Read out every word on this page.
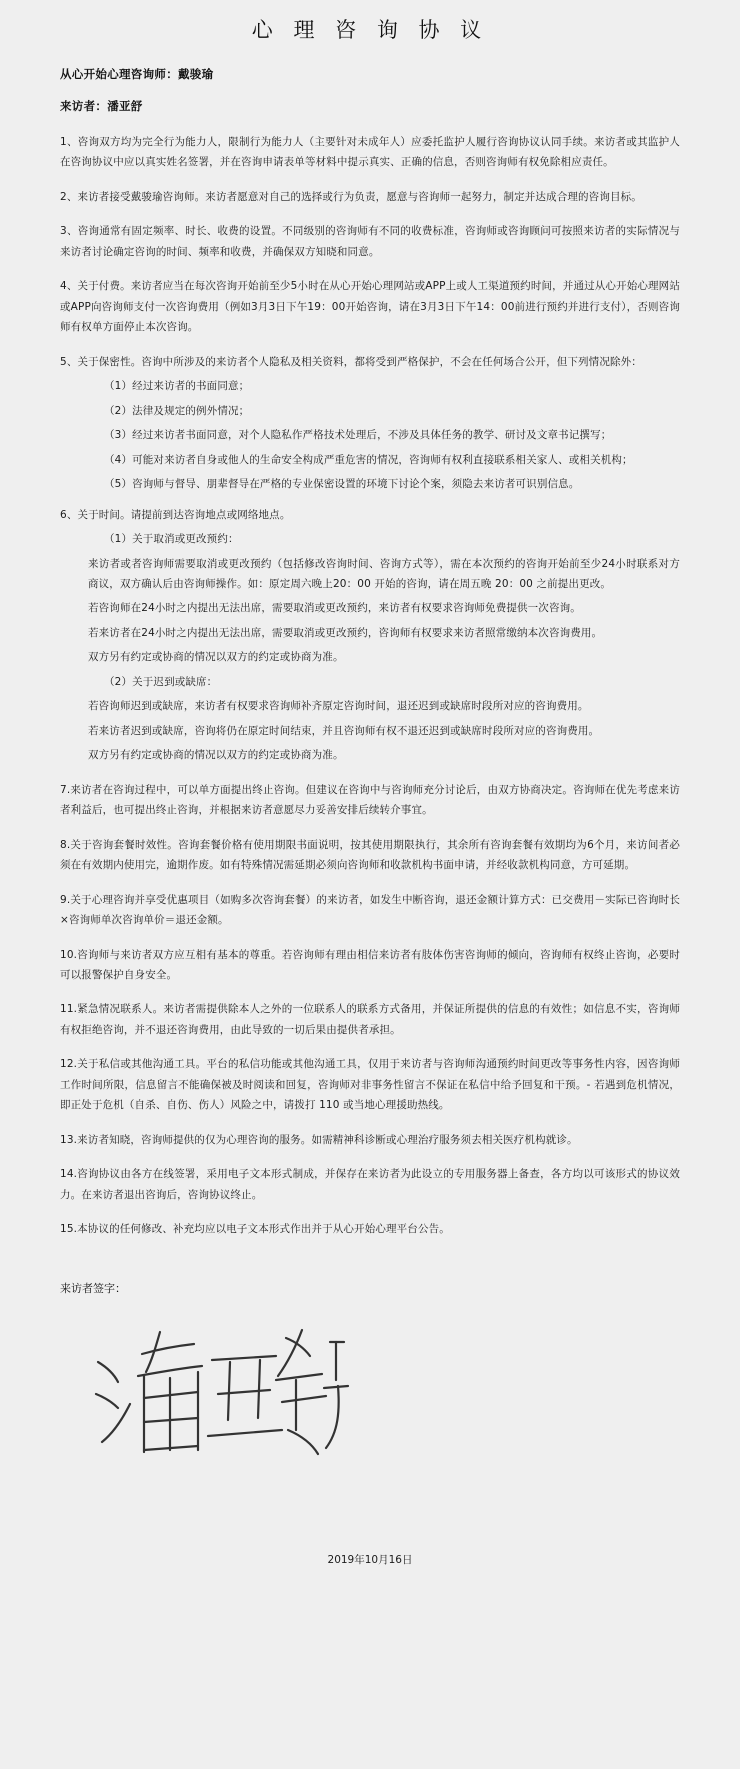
心 理 咨 询 协 议
从心开始心理咨询师：戴骏瑜
来访者：潘亚舒

1、咨询双方均为完全行为能力人，限制行为能力人（主要针对未成年人）应委托监护人履行咨询协议认同手续。来访者或其监护人在咨询协议中应以真实姓名签署，并在咨询申请表单等材料中提示真实、正确的信息，否则咨询师有权免除相应责任。

2、来访者接受戴骏瑜咨询师。来访者愿意对自己的选择或行为负责，愿意与咨询师一起努力，制定并达成合理的咨询目标。

3、咨询通常有固定频率、时长、收费的设置。不同级别的咨询师有不同的收费标准，咨询师或咨询顾问可按照来访者的实际情况与来访者讨论确定咨询的时间、频率和收费，并确保双方知晓和同意。

4、关于付费。来访者应当在每次咨询开始前至少5小时在从心开始心理网站或APP上或人工渠道预约时间，并通过从心开始心理网站或APP向咨询师支付一次咨询费用（例如3月3日下午19：00开始咨询，请在3月3日下午14：00前进行预约并进行支付），否则咨询师有权单方面停止本次咨询。

5、关于保密性。咨询中所涉及的来访者个人隐私及相关资料，都将受到严格保护，不会在任何场合公开，但下列情况除外：

（1）经过来访者的书面同意；

（2）法律及规定的例外情况；

（3）经过来访者书面同意，对个人隐私作严格技术处理后，不涉及具体任务的教学、研讨及文章书记撰写；

（4）可能对来访者自身或他人的生命安全构成严重危害的情况，咨询师有权利直接联系相关家人、或相关机构；

（5）咨询师与督导、朋辈督导在严格的专业保密设置的环境下讨论个案，须隐去来访者可识别信息。

6、关于时间。请提前到达咨询地点或网络地点。

（1）关于取消或更改预约：

来访者或者咨询师需要取消或更改预约（包括修改咨询时间、咨询方式等），需在本次预约的咨询开始前至少24小时联系对方商议，双方确认后由咨询师操作。如：原定周六晚上20：00 开始的咨询，请在周五晚 20：00 之前提出更改。

若咨询师在24小时之内提出无法出席，需要取消或更改预约，来访者有权要求咨询师免费提供一次咨询。

若来访者在24小时之内提出无法出席，需要取消或更改预约，咨询师有权要求来访者照常缴纳本次咨询费用。

双方另有约定或协商的情况以双方的约定或协商为准。

（2）关于迟到或缺席：

若咨询师迟到或缺席，来访者有权要求咨询师补齐原定咨询时间，退还迟到或缺席时段所对应的咨询费用。

若来访者迟到或缺席，咨询将仍在原定时间结束，并且咨询师有权不退还迟到或缺席时段所对应的咨询费用。

双方另有约定或协商的情况以双方的约定或协商为准。

7.来访者在咨询过程中，可以单方面提出终止咨询。但建议在咨询中与咨询师充分讨论后，由双方协商决定。咨询师在优先考虑来访者利益后，也可提出终止咨询，并根据来访者意愿尽力妥善安排后续转介事宜。

8.关于咨询套餐时效性。咨询套餐价格有使用期限书面说明，按其使用期限执行，其余所有咨询套餐有效期均为6个月，来访间者必须在有效期内使用完，逾期作废。如有特殊情况需延期必须向咨询师和收款机构书面申请，并经收款机构同意，方可延期。

9.关于心理咨询并享受优惠项目（如购多次咨询套餐）的来访者，如发生中断咨询，退还金额计算方式：已交费用－实际已咨询时长×咨询师单次咨询单价＝退还金额。

10.咨询师与来访者双方应互相有基本的尊重。若咨询师有理由相信来访者有肢体伤害咨询师的倾向，咨询师有权终止咨询，必要时可以报警保护自身安全。

11.紧急情况联系人。来访者需提供除本人之外的一位联系人的联系方式备用，并保证所提供的信息的有效性；如信息不实，咨询师有权拒绝咨询，并不退还咨询费用，由此导致的一切后果由提供者承担。

12.关于私信或其他沟通工具。平台的私信功能或其他沟通工具，仅用于来访者与咨询师沟通预约时间更改等事务性内容，因咨询师工作时间所限，信息留言不能确保被及时阅读和回复，咨询师对非事务性留言不保证在私信中给予回复和干预。- 若遇到危机情况，即正处于危机（自杀、自伤、伤人）风险之中，请拨打 110 或当地心理援助热线。

13.来访者知晓，咨询师提供的仅为心理咨询的服务。如需精神科诊断或心理治疗服务须去相关医疗机构就诊。

14.咨询协议由各方在线签署，采用电子文本形式制成，并保存在来访者为此设立的专用服务器上备查，各方均以可该形式的协议效力。在来访者退出咨询后，咨询协议终止。

15.本协议的任何修改、补充均应以电子文本形式作出并于从心开始心理平台公告。

来访者签字：
2019年10月16日
